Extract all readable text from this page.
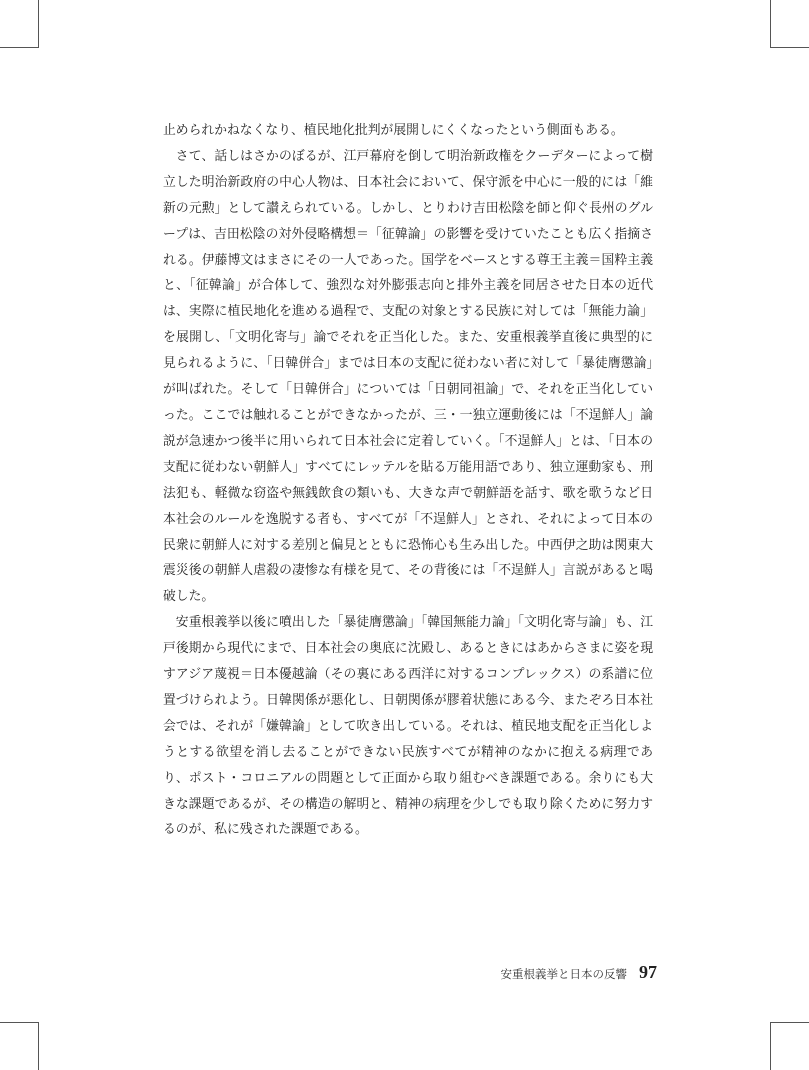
止められかねなくなり、植民地化批判が展開しにくくなったという側面もある。

さて、話しはさかのぼるが、江戸幕府を倒して明治新政権をクーデターによって樹立した明治新政府の中心人物は、日本社会において、保守派を中心に一般的には「維新の元勲」として讃えられている。しかし、とりわけ吉田松陰を師と仰ぐ長州のグループは、吉田松陰の対外侵略構想＝「征韓論」の影響を受けていたことも広く指摘される。伊藤博文はまさにその一人であった。国学をベースとする尊王主義＝国粋主義と、「征韓論」が合体して、強烈な対外膨張志向と排外主義を同居させた日本の近代は、実際に植民地化を進める過程で、支配の対象とする民族に対しては「無能力論」を展開し、「文明化寄与」論でそれを正当化した。また、安重根義挙直後に典型的に見られるように、「日韓併合」までは日本の支配に従わない者に対して「暴徒膺懲論」が叫ばれた。そして「日韓併合」については「日朝同祖論」で、それを正当化していった。ここでは触れることができなかったが、三・一独立運動後には「不逞鮮人」論説が急速かつ後半に用いられて日本社会に定着していく。「不逞鮮人」とは、「日本の支配に従わない朝鮮人」すべてにレッテルを貼る万能用語であり、独立運動家も、刑法犯も、軽微な窃盗や無銭飲食の類いも、大きな声で朝鮮語を話す、歌を歌うなど日本社会のルールを逸脱する者も、すべてが「不逞鮮人」とされ、それによって日本の民衆に朝鮮人に対する差別と偏見とともに恐怖心も生み出した。中西伊之助は関東大震災後の朝鮮人虐殺の凄惨な有様を見て、その背後には「不逞鮮人」言説があると喝破した。

安重根義挙以後に噴出した「暴徒膺懲論」「韓国無能力論」「文明化寄与論」も、江戸後期から現代にまで、日本社会の奥底に沈殿し、あるときにはあからさまに姿を現すアジア蔑視＝日本優越論（その裏にある西洋に対するコンプレックス）の系譜に位置づけられよう。日韓関係が悪化し、日朝関係が膠着状態にある今、またぞろ日本社会では、それが「嫌韓論」として吹き出している。それは、植民地支配を正当化しようとする欲望を消し去ることができない民族すべてが精神のなかに抱える病理であり、ポスト・コロニアルの問題として正面から取り組むべき課題である。余りにも大きな課題であるが、その構造の解明と、精神の病理を少しでも取り除くために努力するのが、私に残された課題である。

安重根義挙と日本の反響 97
